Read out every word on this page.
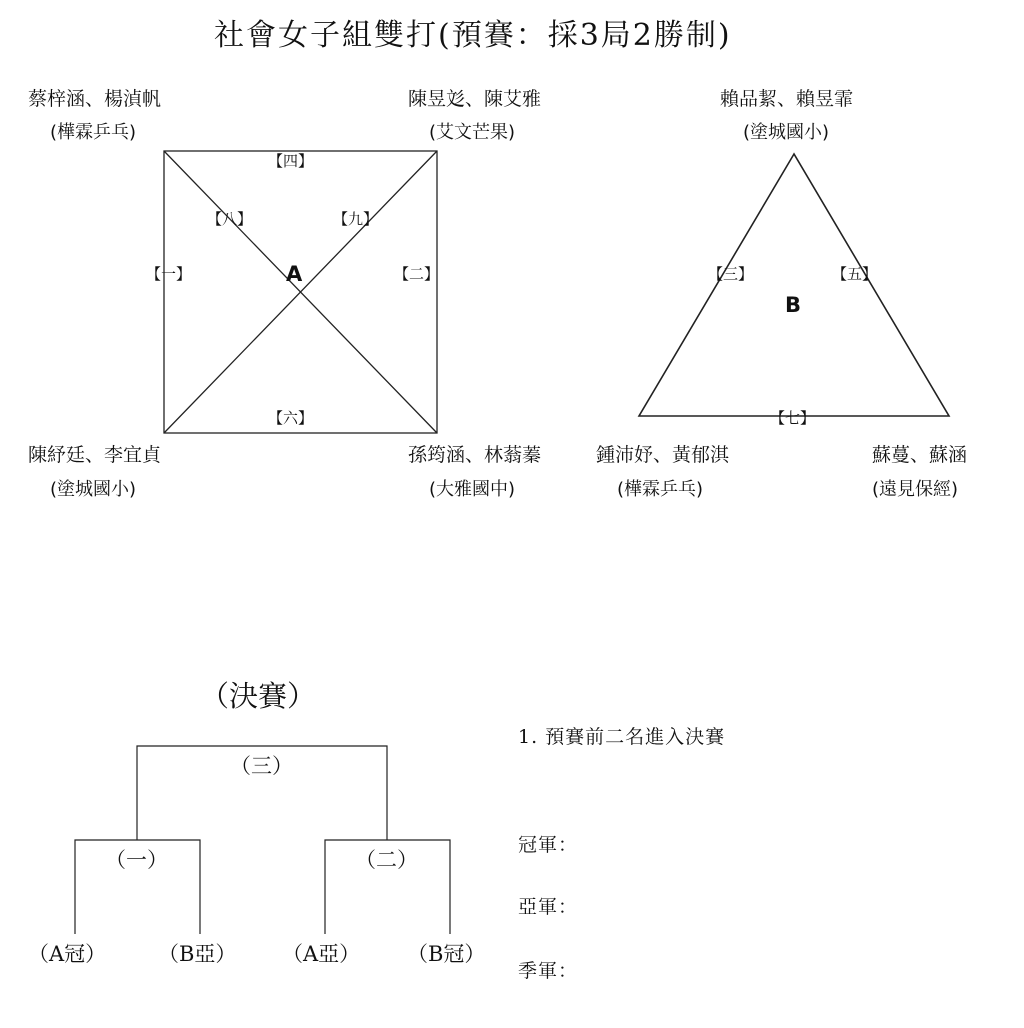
社會女子組雙打(預賽：採3局2勝制)
蔡梓涵、楊湞帆
(樺霖乒乓)
陳昱彣、陳艾雅
(艾文芒果)
陳紓廷、李宜貞
(塗城國小)
孫筠涵、林蓊蓁
(大雅國中)
【四】
【八】	【九】
【一】	【二】
【六】
A
賴品絜、賴昱霏
(塗城國小)
鍾沛妤、黃郁淇
(樺霖乒乓)
蘇蔓、蘇涵
(遠見保經)
【三】	【五】
【七】
B
（決賽）
（三）
（一）	（二）
（A冠） （B亞） （A亞） （B冠）
1. 預賽前二名進入決賽
冠軍：
亞軍：
季軍：
